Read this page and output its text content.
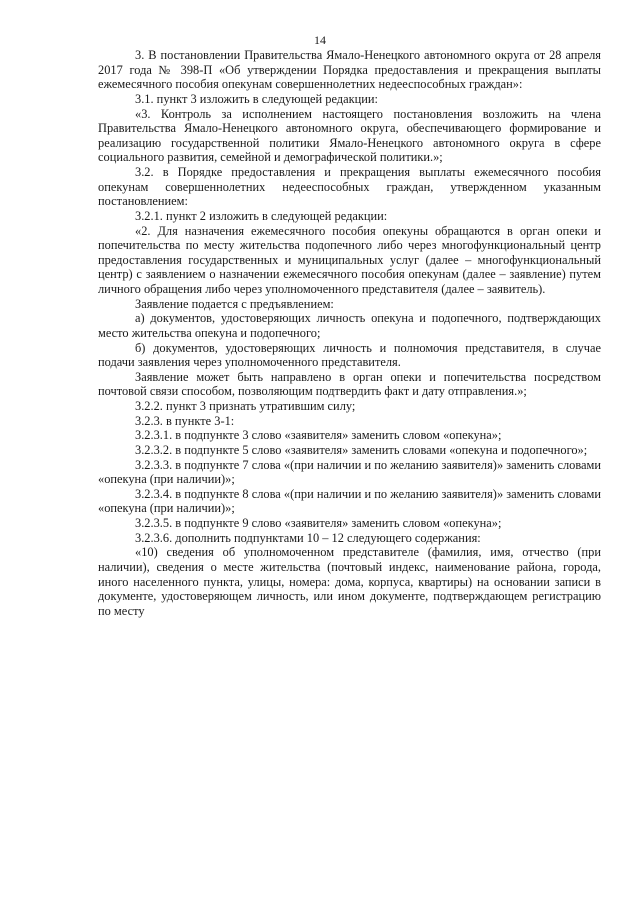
14

3. В постановлении Правительства Ямало-Ненецкого автономного округа от 28 апреля 2017 года № 398-П «Об утверждении Порядка предоставления и прекращения выплаты ежемесячного пособия опекунам совершеннолетних недееспособных граждан»:

3.1. пункт 3 изложить в следующей редакции:

«3. Контроль за исполнением настоящего постановления возложить на члена Правительства Ямало-Ненецкого автономного округа, обеспечивающего формирование и реализацию государственной политики Ямало-Ненецкого автономного округа в сфере социального развития, семейной и демографической политики.»;

3.2. в Порядке предоставления и прекращения выплаты ежемесячного пособия опекунам совершеннолетних недееспособных граждан, утвержденном указанным постановлением:

3.2.1. пункт 2 изложить в следующей редакции:

«2. Для назначения ежемесячного пособия опекуны обращаются в орган опеки и попечительства по месту жительства подопечного либо через многофункциональный центр предоставления государственных и муниципальных услуг (далее – многофункциональный центр) с заявлением о назначении ежемесячного пособия опекунам (далее – заявление) путем личного обращения либо через уполномоченного представителя (далее – заявитель).

Заявление подается с предъявлением:

а) документов, удостоверяющих личность опекуна и подопечного, подтверждающих место жительства опекуна и подопечного;

б) документов, удостоверяющих личность и полномочия представителя, в случае подачи заявления через уполномоченного представителя.

Заявление может быть направлено в орган опеки и попечительства посредством почтовой связи способом, позволяющим подтвердить факт и дату отправления.»;

3.2.2. пункт 3 признать утратившим силу;

3.2.3. в пункте 3-1:

3.2.3.1. в подпункте 3 слово «заявителя» заменить словом «опекуна»;

3.2.3.2. в подпункте 5 слово «заявителя» заменить словами «опекуна и подопечного»;

3.2.3.3. в подпункте 7 слова «(при наличии и по желанию заявителя)» заменить словами «опекуна (при наличии)»;

3.2.3.4. в подпункте 8 слова «(при наличии и по желанию заявителя)» заменить словами «опекуна (при наличии)»;

3.2.3.5. в подпункте 9 слово «заявителя» заменить словом «опекуна»;

3.2.3.6. дополнить подпунктами 10 – 12 следующего содержания:

«10) сведения об уполномоченном представителе (фамилия, имя, отчество (при наличии), сведения о месте жительства (почтовый индекс, наименование района, города, иного населенного пункта, улицы, номера: дома, корпуса, квартиры) на основании записи в документе, удостоверяющем личность, или ином документе, подтверждающем регистрацию по месту
